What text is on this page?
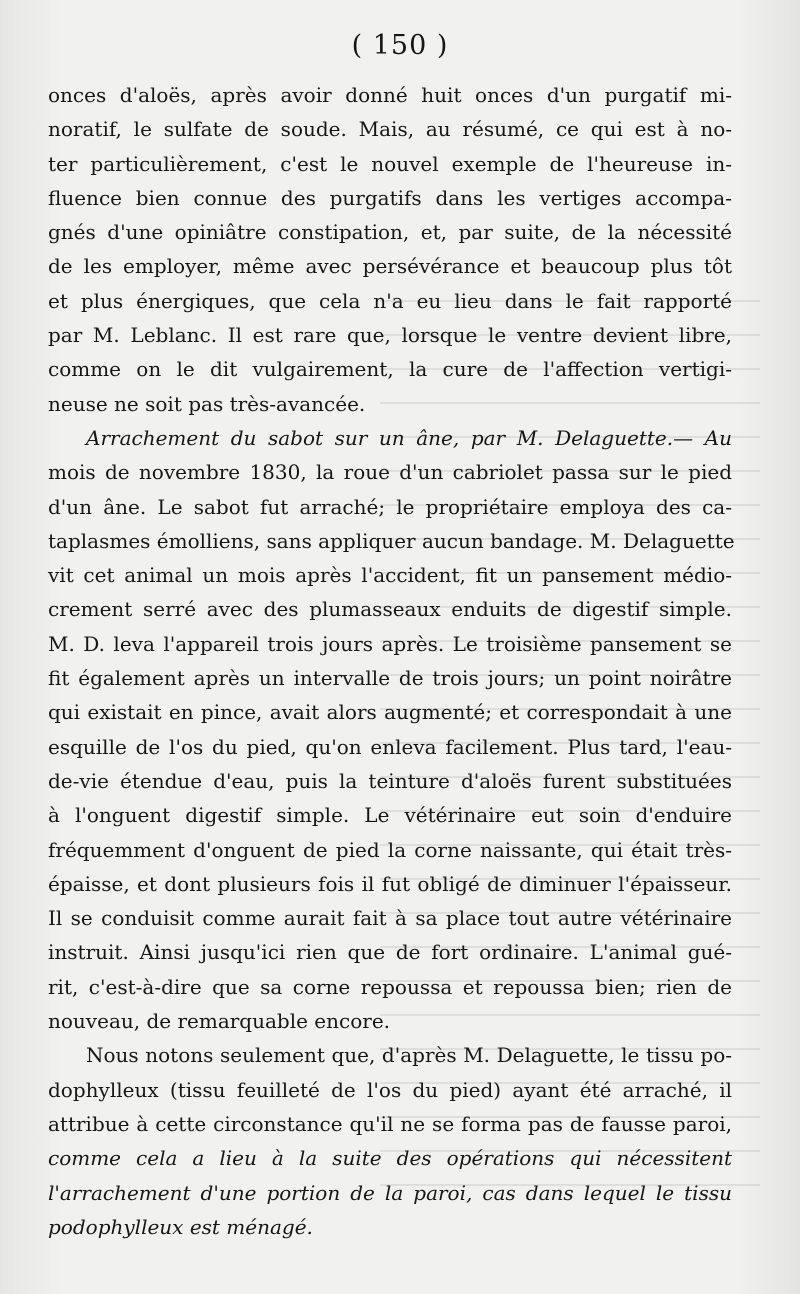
( 150 )
onces d'aloës, après avoir donné huit onces d'un purgatif mi-
noratif, le sulfate de soude. Mais, au résumé, ce qui est à no-
ter particulièrement, c'est le nouvel exemple de l'heureuse in-
fluence bien connue des purgatifs dans les vertiges accompa-
gnés d'une opiniâtre constipation, et, par suite, de la nécessité
de les employer, même avec persévérance et beaucoup plus tôt
et plus énergiques, que cela n'a eu lieu dans le fait rapporté
par M. Leblanc. Il est rare que, lorsque le ventre devient libre,
comme on le dit vulgairement, la cure de l'affection vertigi-
neuse ne soit pas très-avancée.
Arrachement du sabot sur un âne, par M. Delaguette.— Au
mois de novembre 1830, la roue d'un cabriolet passa sur le pied
d'un âne. Le sabot fut arraché; le propriétaire employa des ca-
taplasmes émolliens, sans appliquer aucun bandage. M. Delaguette
vit cet animal un mois après l'accident, fit un pansement médio-
crement serré avec des plumasseaux enduits de digestif simple.
M. D. leva l'appareil trois jours après. Le troisième pansement se
fit également après un intervalle de trois jours; un point noirâtre
qui existait en pince, avait alors augmenté; et correspondait à une
esquille de l'os du pied, qu'on enleva facilement. Plus tard, l'eau-
de-vie étendue d'eau, puis la teinture d'aloës furent substituées
à l'onguent digestif simple. Le vétérinaire eut soin d'enduire
fréquemment d'onguent de pied la corne naissante, qui était très-
épaisse, et dont plusieurs fois il fut obligé de diminuer l'épaisseur.
Il se conduisit comme aurait fait à sa place tout autre vétérinaire
instruit. Ainsi jusqu'ici rien que de fort ordinaire. L'animal gué-
rit, c'est-à-dire que sa corne repoussa et repoussa bien; rien de
nouveau, de remarquable encore.
Nous notons seulement que, d'après M. Delaguette, le tissu po-
dophylleux (tissu feuilleté de l'os du pied) ayant été arraché, il
attribue à cette circonstance qu'il ne se forma pas de fausse paroi,
comme cela a lieu à la suite des opérations qui nécessitent
l'arrachement d'une portion de la paroi, cas dans lequel le tissu
podophylleux est ménagé.
